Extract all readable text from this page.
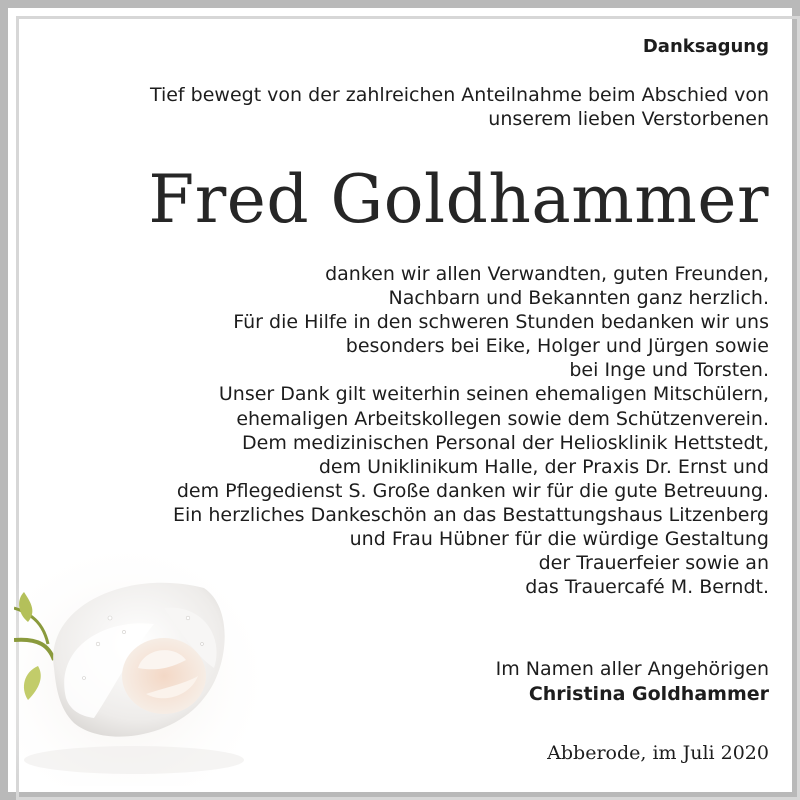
Danksagung
Tief bewegt von der zahlreichen Anteilnahme beim Abschied von
unserem lieben Verstorbenen
Fred Goldhammer
danken wir allen Verwandten, guten Freunden,
Nachbarn und Bekannten ganz herzlich.
Für die Hilfe in den schweren Stunden bedanken wir uns
besonders bei Eike, Holger und Jürgen sowie
bei Inge und Torsten.
Unser Dank gilt weiterhin seinen ehemaligen Mitschülern,
ehemaligen Arbeitskollegen sowie dem Schützenverein.
Dem medizinischen Personal der Heliosklinik Hettstedt,
dem Uniklinikum Halle, der Praxis Dr. Ernst und
dem Pflegedienst S. Große danken wir für die gute Betreuung.
Ein herzliches Dankeschön an das Bestattungshaus Litzenberg
und Frau Hübner für die würdige Gestaltung
der Trauerfeier sowie an
das Trauercafé M. Berndt.
Im Namen aller Angehörigen
Christina Goldhammer
Abberode, im Juli 2020
